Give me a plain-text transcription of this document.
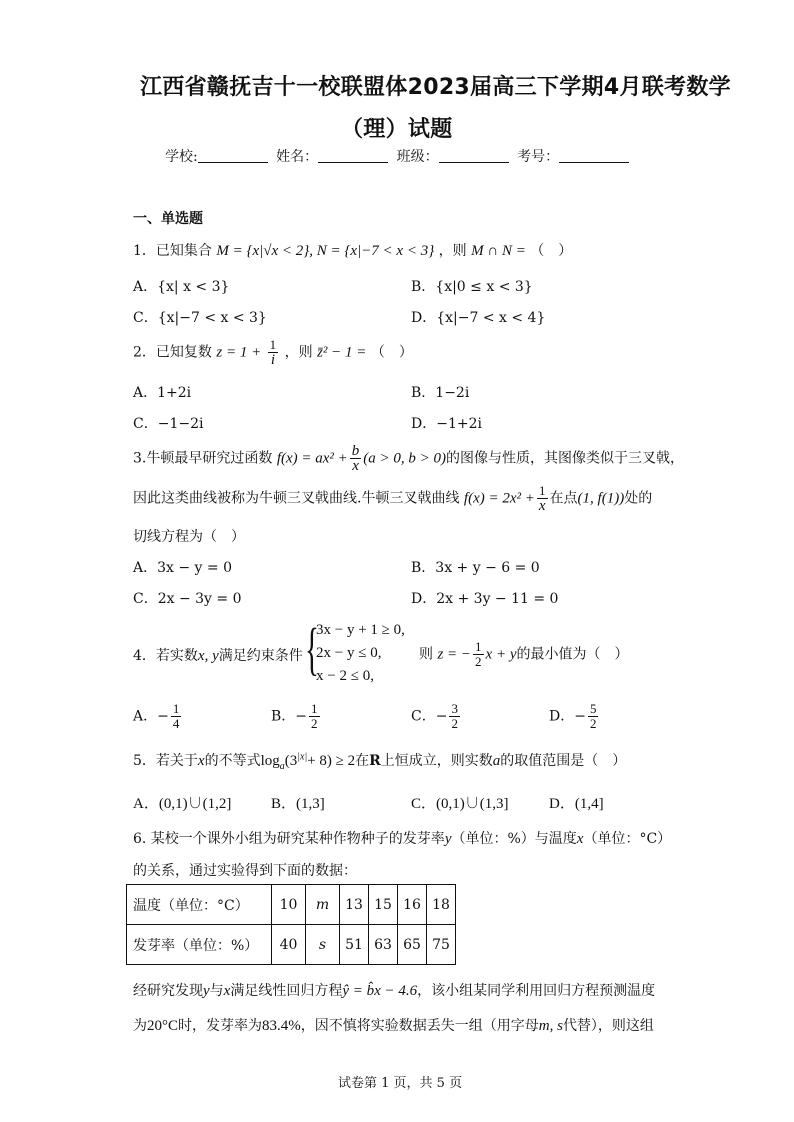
江西省赣抚吉十一校联盟体2023届高三下学期4月联考数学
（理）试题
学校:	姓名：	班级：	考号：
一、单选题
1．已知集合 M = {x|√x < 2}, N = {x|−7 < x < 3} ，则 M ∩ N = （　）
A．{x| x < 3}	B．{x|0 ≤ x < 3}
C．{x|−7 < x < 3}	D．{x|−7 < x < 4}
2．已知复数 $z = 1 + \frac{1}{i}$ ，则 z̄² − 1 = （　）
A．1+2i	B．1−2i
C．−1−2i	D．−1+2i
3.牛顿最早研究过函数 $f(x) = ax^2 + \frac{b}{x} (a > 0$, b > 0)的图像与性质，其图像类似于三叉戟，
因此这类曲线被称为牛顿三叉戟曲线.牛顿三叉戟曲线 $f(x) = 2x^2 + \frac{1}{x}$ 在点(1, f(1))处的
切线方程为（　）
A．3x − y = 0	B．3x + y − 6 = 0
C．2x − 3y = 0	D．2x + 3y − 11 = 0
4．若实数x, y满足约束条件 {
3x − y + 1 ≥ 0,
2x − y ≤ 0,
x − 2 ≤ 0,
则 z = − $\frac{1}{2}$ x + y的最小值为（　）
A．− $\frac{1}{4}$	B．− $\frac{1}{2}$	C．− $\frac{3}{2}$	D．− $\frac{5}{2}$
5．若关于x的不等式$\log_a(3^{|x|}+ 8) \ge 2$在R上恒成立，则实数a的取值范围是（　）
A．(0,1)∪(1,2]	B．(1,3]	C．(0,1)∪(1,3]	D．(1,4]
6. 某校一个课外小组为研究某种作物种子的发芽率y（单位：%）与温度x（单位：°C）
的关系，通过实验得到下面的数据：
温度（单位：°C）	10	m	13	15	16	18
发芽率（单位：%）	40	s	51	63	65	75
经研究发现y与x满足线性回归方程ŷ = b̂x − 4.6，该小组某同学利用回归方程预测温度
为20°C时，发芽率为83.4%，因不慎将实验数据丢失一组（用字母m, s代替），则这组
试卷第 1 页，共 5 页
